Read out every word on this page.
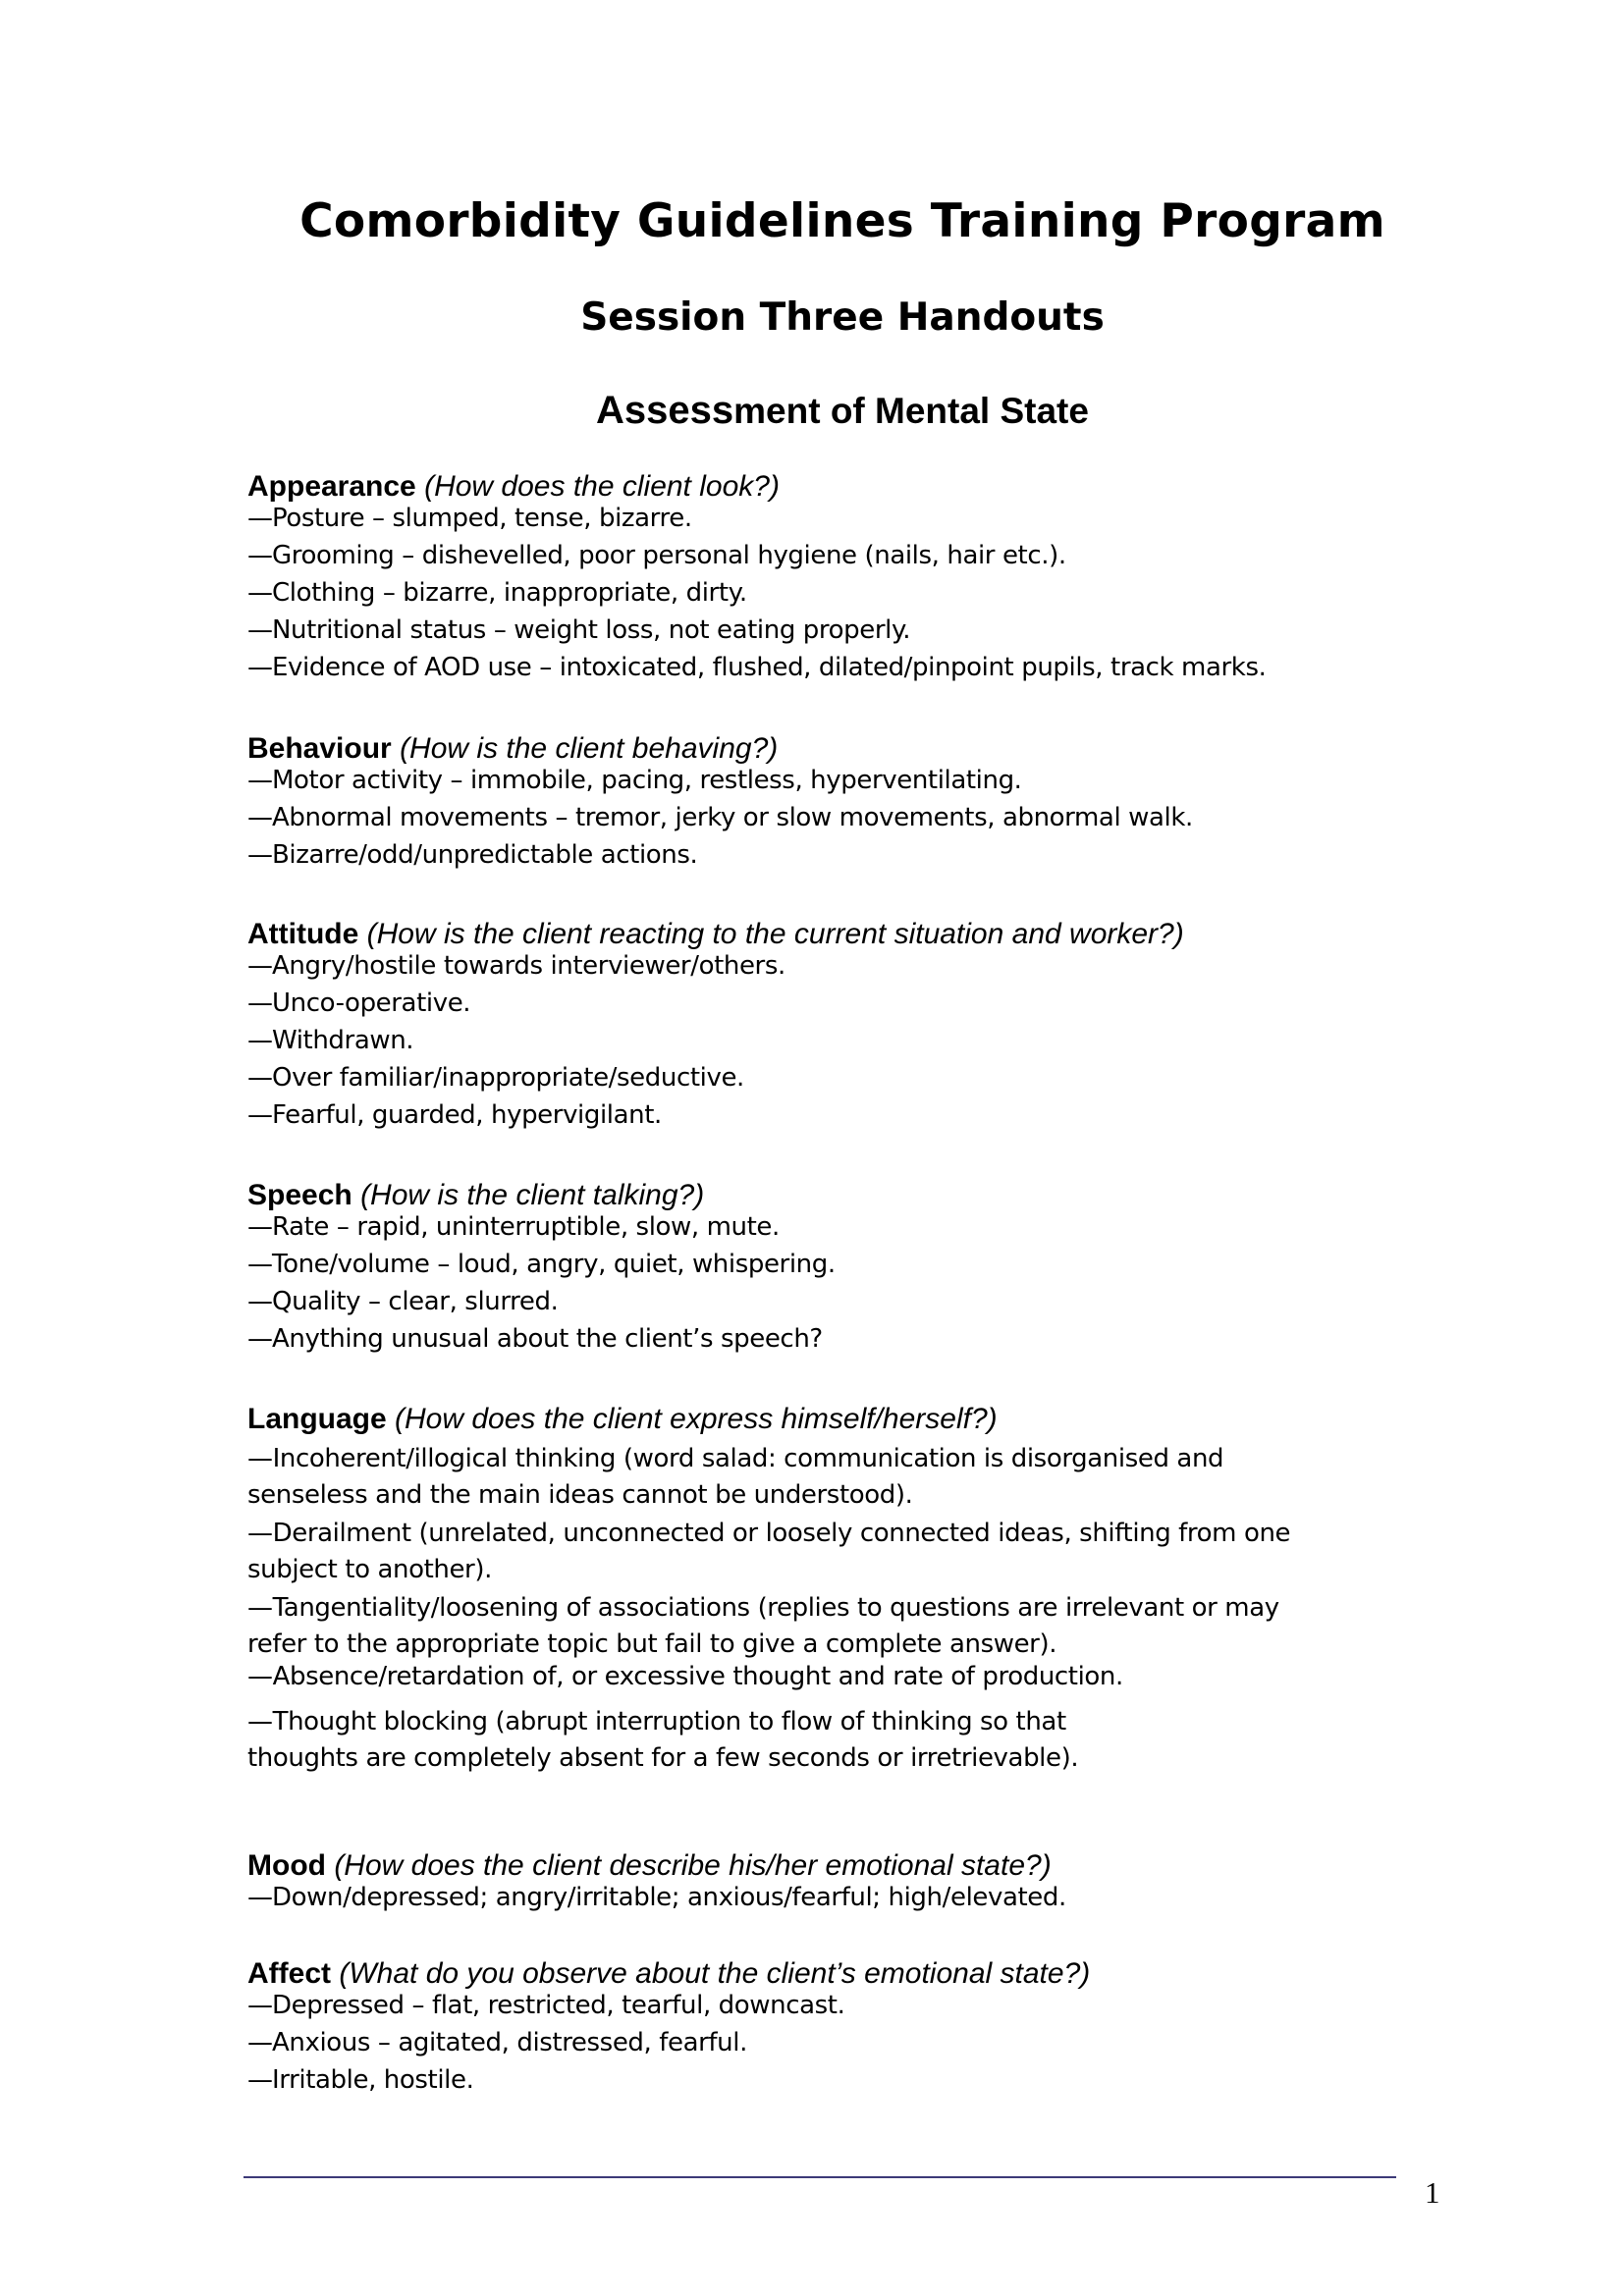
Comorbidity Guidelines Training Program
Session Three Handouts
Assessment of Mental State
Appearance (How does the client look?)
— Posture – slumped, tense, bizarre.
— Grooming – dishevelled, poor personal hygiene (nails, hair etc.).
— Clothing – bizarre, inappropriate, dirty.
— Nutritional status – weight loss, not eating properly.
— Evidence of AOD use – intoxicated, flushed, dilated/pinpoint pupils, track marks.
Behaviour (How is the client behaving?)
— Motor activity – immobile, pacing, restless, hyperventilating.
— Abnormal movements – tremor, jerky or slow movements, abnormal walk.
— Bizarre/odd/unpredictable actions.
Attitude (How is the client reacting to the current situation and worker?)
— Angry/hostile towards interviewer/others.
— Unco-operative.
— Withdrawn.
— Over familiar/inappropriate/seductive.
— Fearful, guarded, hypervigilant.
Speech (How is the client talking?)
— Rate – rapid, uninterruptible, slow, mute.
— Tone/volume – loud, angry, quiet, whispering.
— Quality – clear, slurred.
— Anything unusual about the client’s speech?
Language (How does the client express himself/herself?)
—Incoherent/illogical thinking (word salad: communication is disorganised and senseless and the main ideas cannot be understood).
—Derailment (unrelated, unconnected or loosely connected ideas, shifting from one subject to another).
—Tangentiality/loosening of associations (replies to questions are irrelevant or may refer to the appropriate topic but fail to give a complete answer).
—Absence/retardation of, or excessive thought and rate of production.
—Thought blocking (abrupt interruption to flow of thinking so that thoughts are completely absent for a few seconds or irretrievable).
Mood (How does the client describe his/her emotional state?)
— Down/depressed; angry/irritable; anxious/fearful; high/elevated.
Affect (What do you observe about the client’s emotional state?)
— Depressed – flat, restricted, tearful, downcast.
— Anxious – agitated, distressed, fearful.
— Irritable, hostile.
1
